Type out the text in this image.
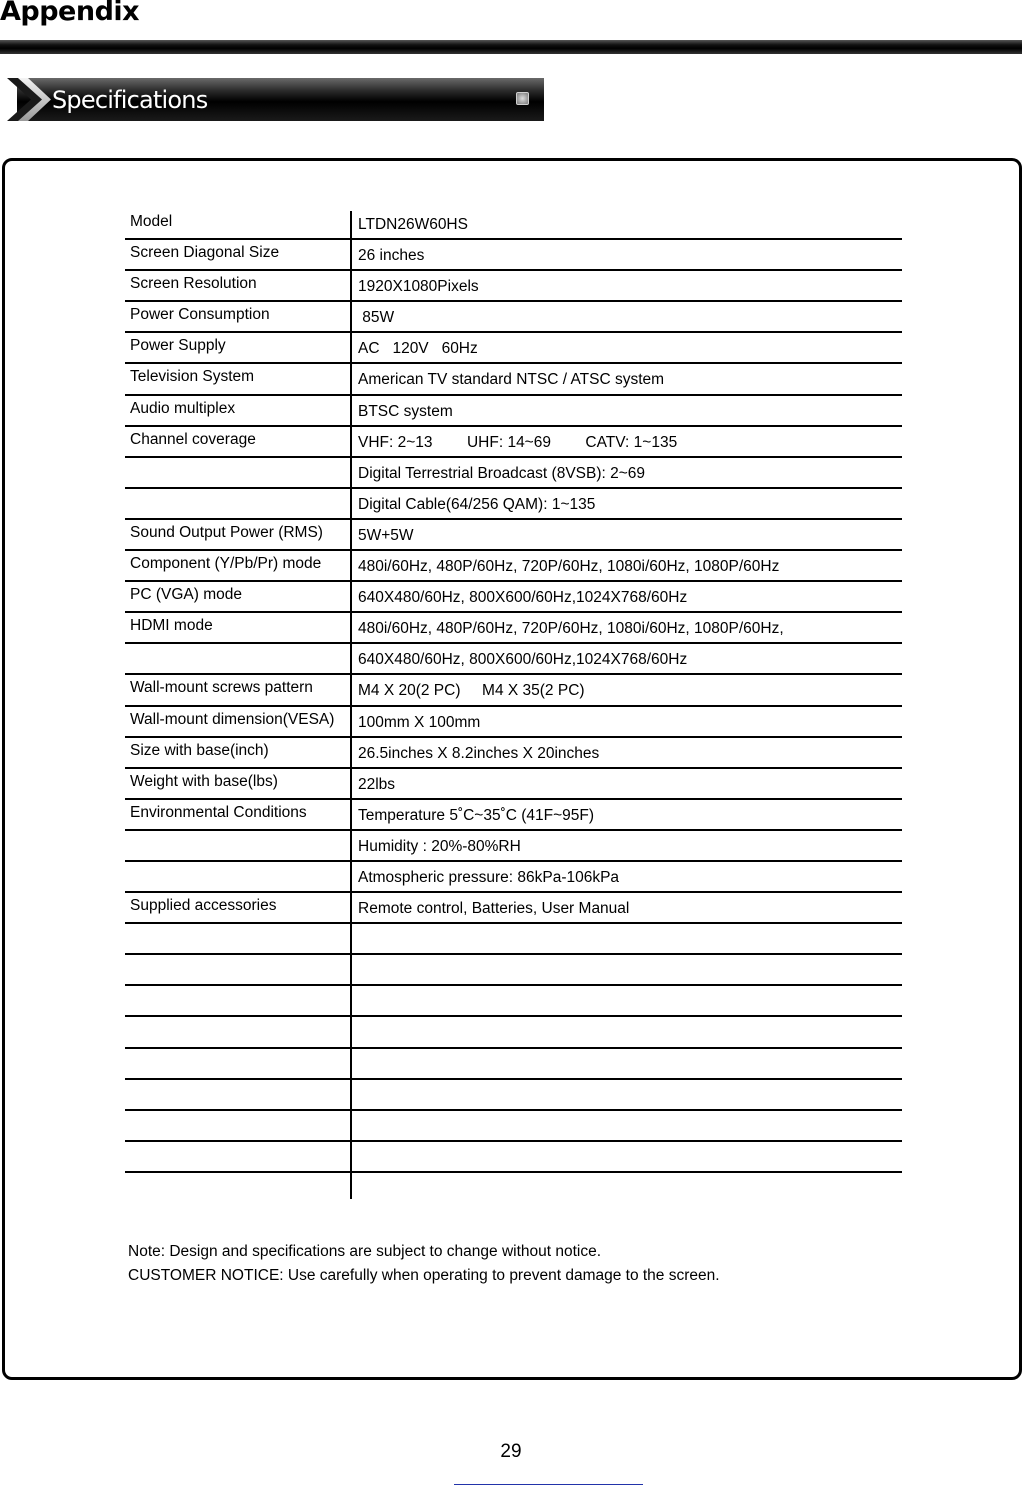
Appendix
Specifications
Model	LTDN26W60HS
Screen Diagonal Size	26 inches
Screen Resolution	1920X1080Pixels
Power Consumption	85W
Power Supply	AC   120V   60Hz
Television System	American TV standard NTSC / ATSC system
Audio multiplex	BTSC system
Channel coverage	VHF: 2~13        UHF: 14~69        CATV: 1~135
Digital Terrestrial Broadcast (8VSB): 2~69
Digital Cable(64/256 QAM): 1~135
Sound Output Power (RMS) 5W+5W
Component (Y/Pb/Pr) mode 480i/60Hz, 480P/60Hz, 720P/60Hz, 1080i/60Hz, 1080P/60Hz
PC (VGA) mode	640X480/60Hz, 800X600/60Hz,1024X768/60Hz
HDMI mode	480i/60Hz, 480P/60Hz, 720P/60Hz, 1080i/60Hz, 1080P/60Hz,
640X480/60Hz, 800X600/60Hz,1024X768/60Hz
Wall-mount screws pattern	M4 X 20(2 PC)     M4 X 35(2 PC)
Wall-mount dimension(VESA) 100mm X 100mm
Size with base(inch)	26.5inches X 8.2inches X 20inches
Weight with base(lbs)	22lbs
Environmental Conditions	Temperature 5˚C~35˚C (41F~95F)
Humidity : 20%-80%RH
Atmospheric pressure: 86kPa-106kPa
Supplied accessories	Remote control, Batteries, User Manual
Note: Design and specifications are subject to change without notice.
CUSTOMER NOTICE: Use carefully when operating to prevent damage to the screen.
29
